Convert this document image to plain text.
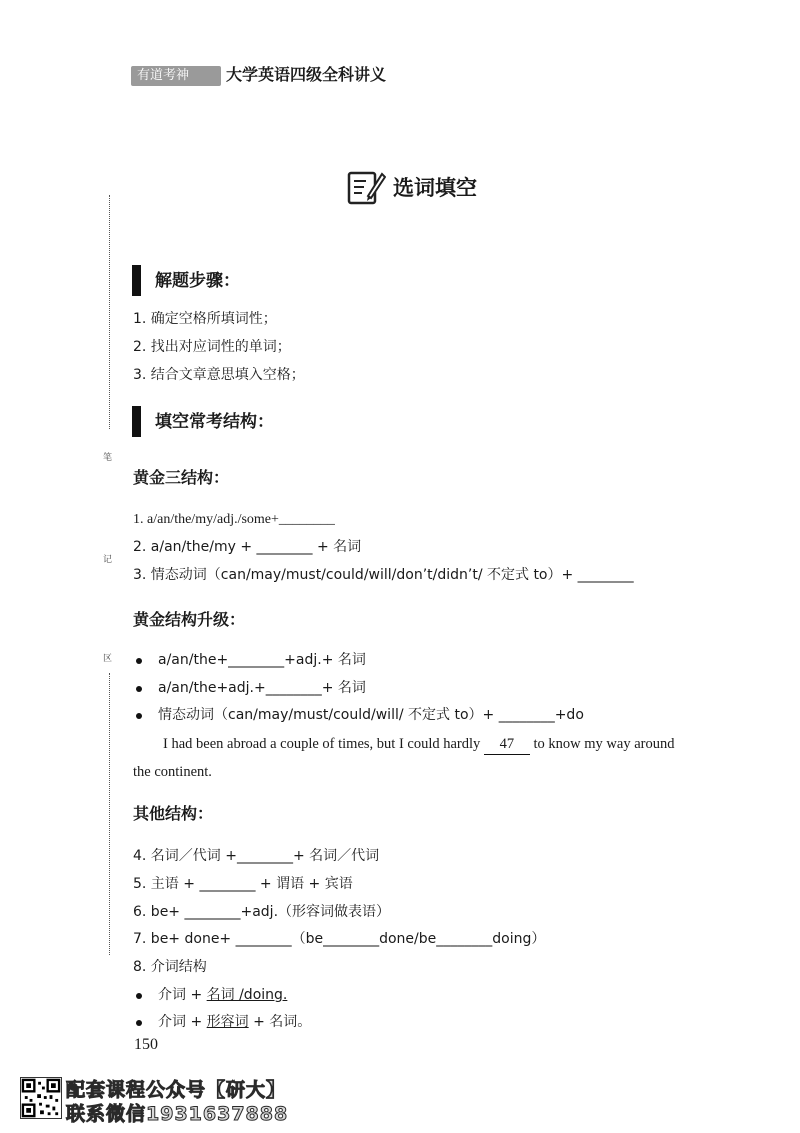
有道考神	大学英语四级全科讲义
选词填空
笔
记
区
解题步骤：
1. 确定空格所填词性；
2. 找出对应词性的单词；
3. 结合文章意思填入空格；
填空常考结构：
黄金三结构：
1. a/an/the/my/adj./some+________
2. a/an/the/my + ________ + 名词
3. 情态动词（can/may/must/could/will/don’t/didn’t/ 不定式 to）+ ________
黄金结构升级：
a/an/the+________+adj.+ 名词
a/an/the+adj.+________+ 名词
情态动词（can/may/must/could/will/ 不定式 to）+ ________+do
I had been abroad a couple of times, but I could hardly 47 to know my way around
the continent.
其他结构：
4. 名词／代词 +________+ 名词／代词
5. 主语 + ________ + 谓语 + 宾语
6. be+ ________+adj.（形容词做表语）
7. be+ done+ ________（be________done/be________doing）
8. 介词结构
介词 + 名词 /doing.
介词 + 形容词 + 名词。
150
配套课程公众号【研大】
联系微信1931637888
